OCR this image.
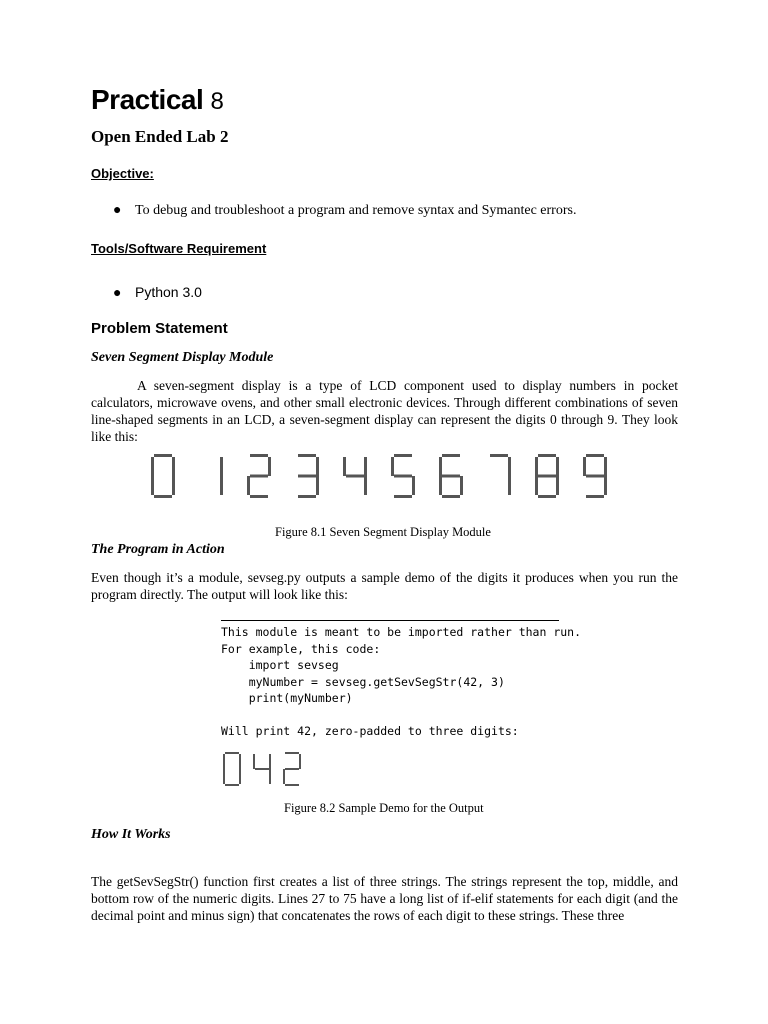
Practical 8
Open Ended Lab 2
Objective:
● To debug and troubleshoot a program and remove syntax and Symantec errors.
Tools/Software Requirement
● Python 3.0
Problem Statement
Seven Segment Display Module
A seven-segment display is a type of LCD component used to display numbers in pocket calculators, microwave ovens, and other small electronic devices. Through different combinations of seven line-shaped segments in an LCD, a seven-segment display can represent the digits 0 through 9. They look like this:
Figure 8.1 Seven Segment Display Module
The Program in Action
Even though it’s a module, sevseg.py outputs a sample demo of the digits it produces when you run the program directly. The output will look like this:
This module is meant to be imported rather than run.
For example, this code:
import sevseg
myNumber = sevseg.getSevSegStr(42, 3)
print(myNumber)
Will print 42, zero-padded to three digits:
Figure 8.2 Sample Demo for the Output
How It Works
The getSevSegStr() function first creates a list of three strings. The strings represent the top, middle, and bottom row of the numeric digits. Lines 27 to 75 have a long list of if-elif statements for each digit (and the decimal point and minus sign) that concatenates the rows of each digit to these strings. These three
